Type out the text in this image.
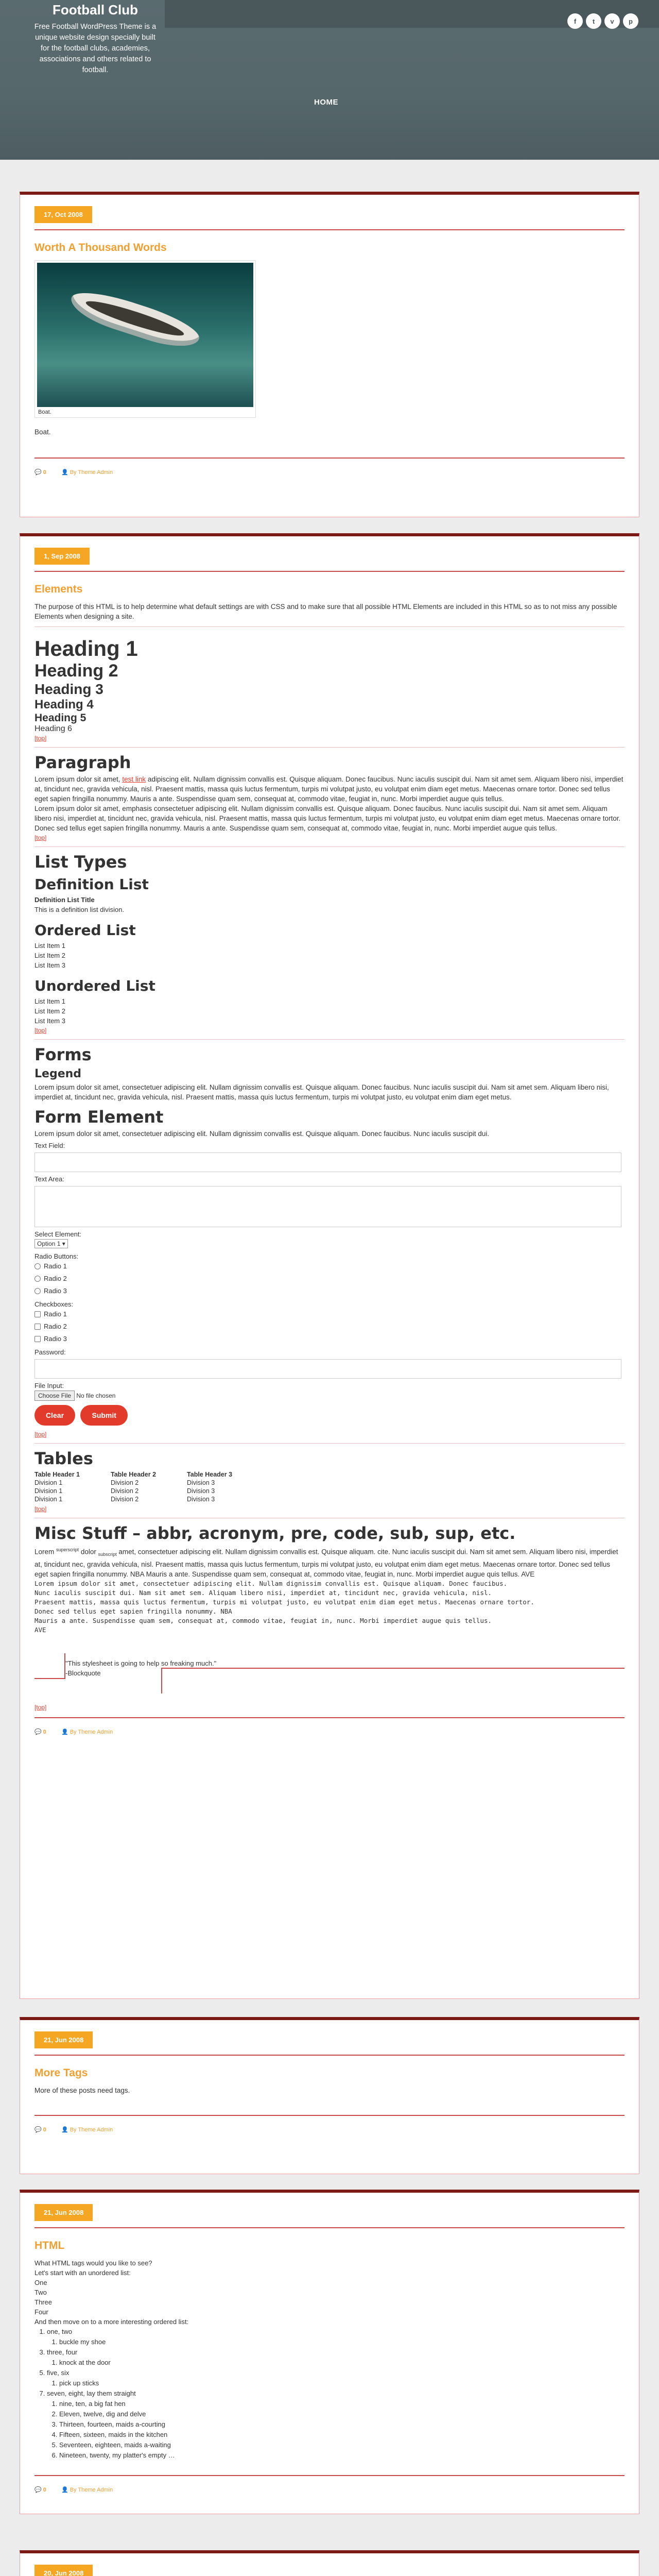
Football Club
Free Football WordPress Theme is a unique website design specially built for the football clubs, academies, associations and others related to football.
f	t	v	p
HOME
17, Oct 2008
Worth A Thousand Words
Boat.

Boat.

💬 0	👤 By Theme Admin
1, Sep 2008
Elements

The purpose of this HTML is to help determine what default settings are with CSS and to make sure that all possible HTML Elements are included in this HTML so as to not miss any possible Elements when designing a site.

Heading 1
Heading 2
Heading 3
Heading 4
Heading 5
Heading 6
[top]
Paragraph

Lorem ipsum dolor sit amet, test link adipiscing elit. Nullam dignissim convallis est. Quisque aliquam. Donec faucibus. Nunc iaculis suscipit dui. Nam sit amet sem. Aliquam libero nisi, imperdiet at, tincidunt nec, gravida vehicula, nisl. Praesent mattis, massa quis luctus fermentum, turpis mi volutpat justo, eu volutpat enim diam eget metus. Maecenas ornare tortor. Donec sed tellus eget sapien fringilla nonummy. Mauris a ante. Suspendisse quam sem, consequat at, commodo vitae, feugiat in, nunc. Morbi imperdiet augue quis tellus.

Lorem ipsum dolor sit amet, emphasis consectetuer adipiscing elit. Nullam dignissim convallis est. Quisque aliquam. Donec faucibus. Nunc iaculis suscipit dui. Nam sit amet sem. Aliquam libero nisi, imperdiet at, tincidunt nec, gravida vehicula, nisl. Praesent mattis, massa quis luctus fermentum, turpis mi volutpat justo, eu volutpat enim diam eget metus. Maecenas ornare tortor. Donec sed tellus eget sapien fringilla nonummy. Mauris a ante. Suspendisse quam sem, consequat at, commodo vitae, feugiat in, nunc. Morbi imperdiet augue quis tellus.

[top]
List Types
Definition List
Definition List Title
This is a definition list division.
Ordered List
List Item 1
List Item 2
List Item 3
Unordered List
List Item 1
List Item 2
List Item 3
[top]
Forms
Legend

Lorem ipsum dolor sit amet, consectetuer adipiscing elit. Nullam dignissim convallis est. Quisque aliquam. Donec faucibus. Nunc iaculis suscipit dui. Nam sit amet sem. Aliquam libero nisi, imperdiet at, tincidunt nec, gravida vehicula, nisl. Praesent mattis, massa quis luctus fermentum, turpis mi volutpat justo, eu volutpat enim diam eget metus.

Form Element

Lorem ipsum dolor sit amet, consectetuer adipiscing elit. Nullam dignissim convallis est. Quisque aliquam. Donec faucibus. Nunc iaculis suscipit dui.

Text Field:
Text Area:
Select Element:
Option 1 ▾
Radio Buttons:
Radio 1
Radio 2
Radio 3
Checkboxes:
Radio 1
Radio 2
Radio 3
Password:
File Input:
Choose File No file chosen
Clear	Submit
[top]
Tables
Table Header 1	Table Header 2	Table Header 3
Division 1	Division 2	Division 3
Division 1	Division 2	Division 3
Division 1	Division 2	Division 3
[top]
Misc Stuff – abbr, acronym, pre, code, sub, sup, etc.

Lorem $^{superscript}$ dolor $_{subscript}$ amet, consectetuer adipiscing elit. Nullam dignissim convallis est. Quisque aliquam. cite. Nunc iaculis suscipit dui. Nam sit amet sem. Aliquam libero nisi, imperdiet at, tincidunt nec, gravida vehicula, nisl. Praesent mattis, massa quis luctus fermentum, turpis mi volutpat justo, eu volutpat enim diam eget metus. Maecenas ornare tortor. Donec sed tellus eget sapien fringilla nonummy. NBA Mauris a ante. Suspendisse quam sem, consequat at, commodo vitae, feugiat in, nunc. Morbi imperdiet augue quis tellus. AVE

Lorem ipsum dolor sit amet, consectetuer adipiscing elit. Nullam dignissim convallis est. Quisque aliquam. Donec faucibus.
Nunc iaculis suscipit dui. Nam sit amet sem. Aliquam libero nisi, imperdiet at, tincidunt nec, gravida vehicula, nisl.
Praesent mattis, massa quis luctus fermentum, turpis mi volutpat justo, eu volutpat enim diam eget metus. Maecenas ornare tortor.
Donec sed tellus eget sapien fringilla nonummy. NBA
Mauris a ante. Suspendisse quam sem, consequat at, commodo vitae, feugiat in, nunc. Morbi imperdiet augue quis tellus.
AVE
"This stylesheet is going to help so freaking much."
-Blockquote
[top]
💬 0	👤 By Theme Admin
21, Jun 2008
More Tags

More of these posts need tags.

💬 0	👤 By Theme Admin
21, Jun 2008
HTML
What HTML tags would you like to see?
Let's start with an unordered list:
One
Two
Three
Four
And then move on to a more interesting ordered list:
1. one, two
1. buckle my shoe
3. three, four
1. knock at the door
5. five, six
1. pick up sticks
7. seven, eight, lay them straight
1. nine, ten, a big fat hen
2. Eleven, twelve, dig and delve
3. Thirteen, fourteen, maids a-courting
4. Fifteen, sixteen, maids in the kitchen
5. Seventeen, eighteen, maids a-waiting
6. Nineteen, twenty, my platter's empty …
💬 0	👤 By Theme Admin
20, Jun 2008
